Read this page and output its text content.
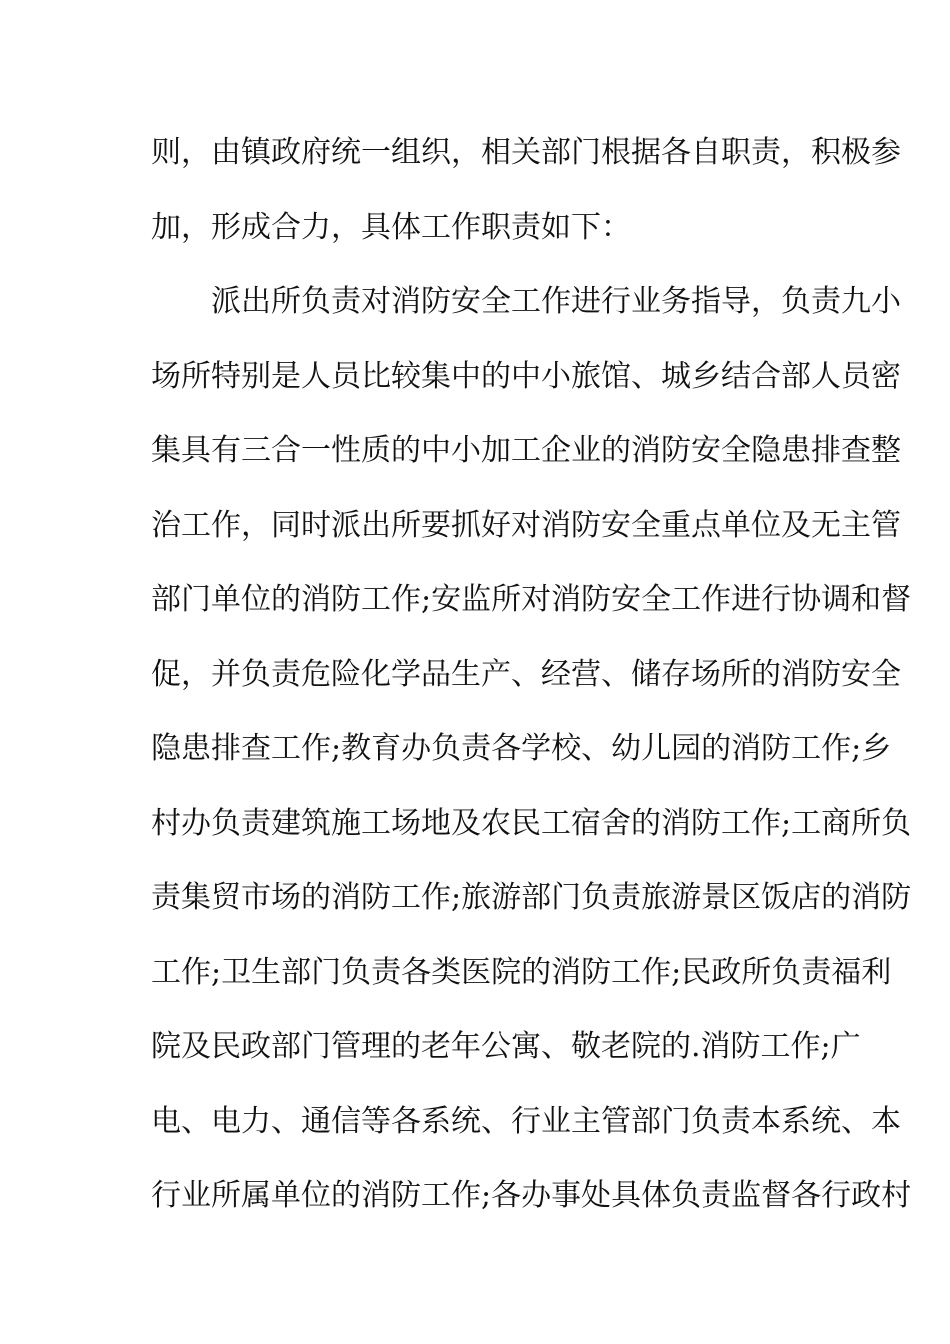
则，由镇政府统一组织，相关部门根据各自职责，积极参
加，形成合力，具体工作职责如下：
　　派出所负责对消防安全工作进行业务指导，负责九小
场所特别是人员比较集中的中小旅馆、城乡结合部人员密
集具有三合一性质的中小加工企业的消防安全隐患排查整
治工作，同时派出所要抓好对消防安全重点单位及无主管
部门单位的消防工作;安监所对消防安全工作进行协调和督
促，并负责危险化学品生产、经营、储存场所的消防安全
隐患排查工作;教育办负责各学校、幼儿园的消防工作;乡
村办负责建筑施工场地及农民工宿舍的消防工作;工商所负
责集贸市场的消防工作;旅游部门负责旅游景区饭店的消防
工作;卫生部门负责各类医院的消防工作;民政所负责福利
院及民政部门管理的老年公寓、敬老院的.消防工作;广
电、电力、通信等各系统、行业主管部门负责本系统、本
行业所属单位的消防工作;各办事处具体负责监督各行政村
